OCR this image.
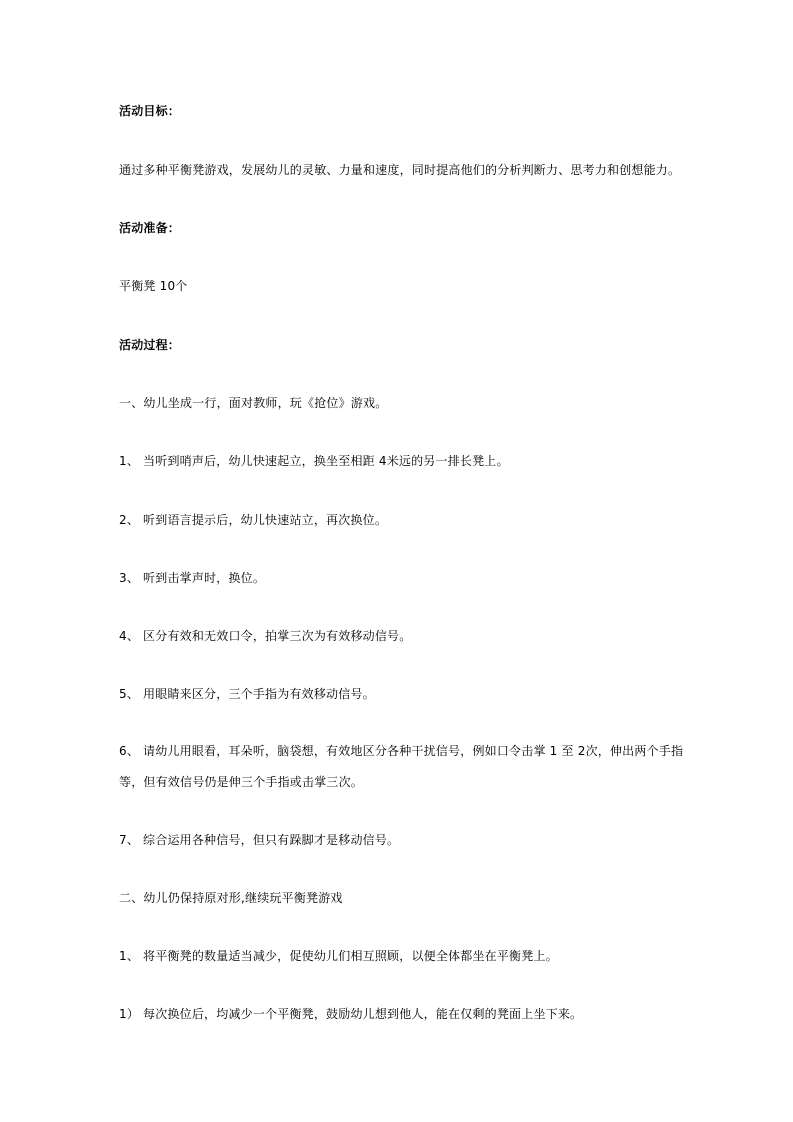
活动目标：
通过多种平衡凳游戏，发展幼儿的灵敏、力量和速度，同时提高他们的分析判断力、思考力和创想能力。
活动准备：
平衡凳 10个
活动过程：
一、幼儿坐成一行，面对教师，玩《抢位》游戏。
1、 当听到哨声后，幼儿快速起立，换坐至相距 4米远的另一排长凳上。
2、 听到语言提示后，幼儿快速站立，再次换位。
3、 听到击掌声时，换位。
4、 区分有效和无效口令，拍掌三次为有效移动信号。
5、 用眼睛来区分，三个手指为有效移动信号。
6、 请幼儿用眼看，耳朵听，脑袋想，有效地区分各种干扰信号，例如口令击掌 1 至 2次，伸出两个手指
等，但有效信号仍是伸三个手指或击掌三次。
7、 综合运用各种信号，但只有跺脚才是移动信号。
二、幼儿仍保持原对形,继续玩平衡凳游戏
1、 将平衡凳的数量适当减少，促使幼儿们相互照顾，以便全体都坐在平衡凳上。
1） 每次换位后，均减少一个平衡凳，鼓励幼儿想到他人，能在仅剩的凳面上坐下来。
